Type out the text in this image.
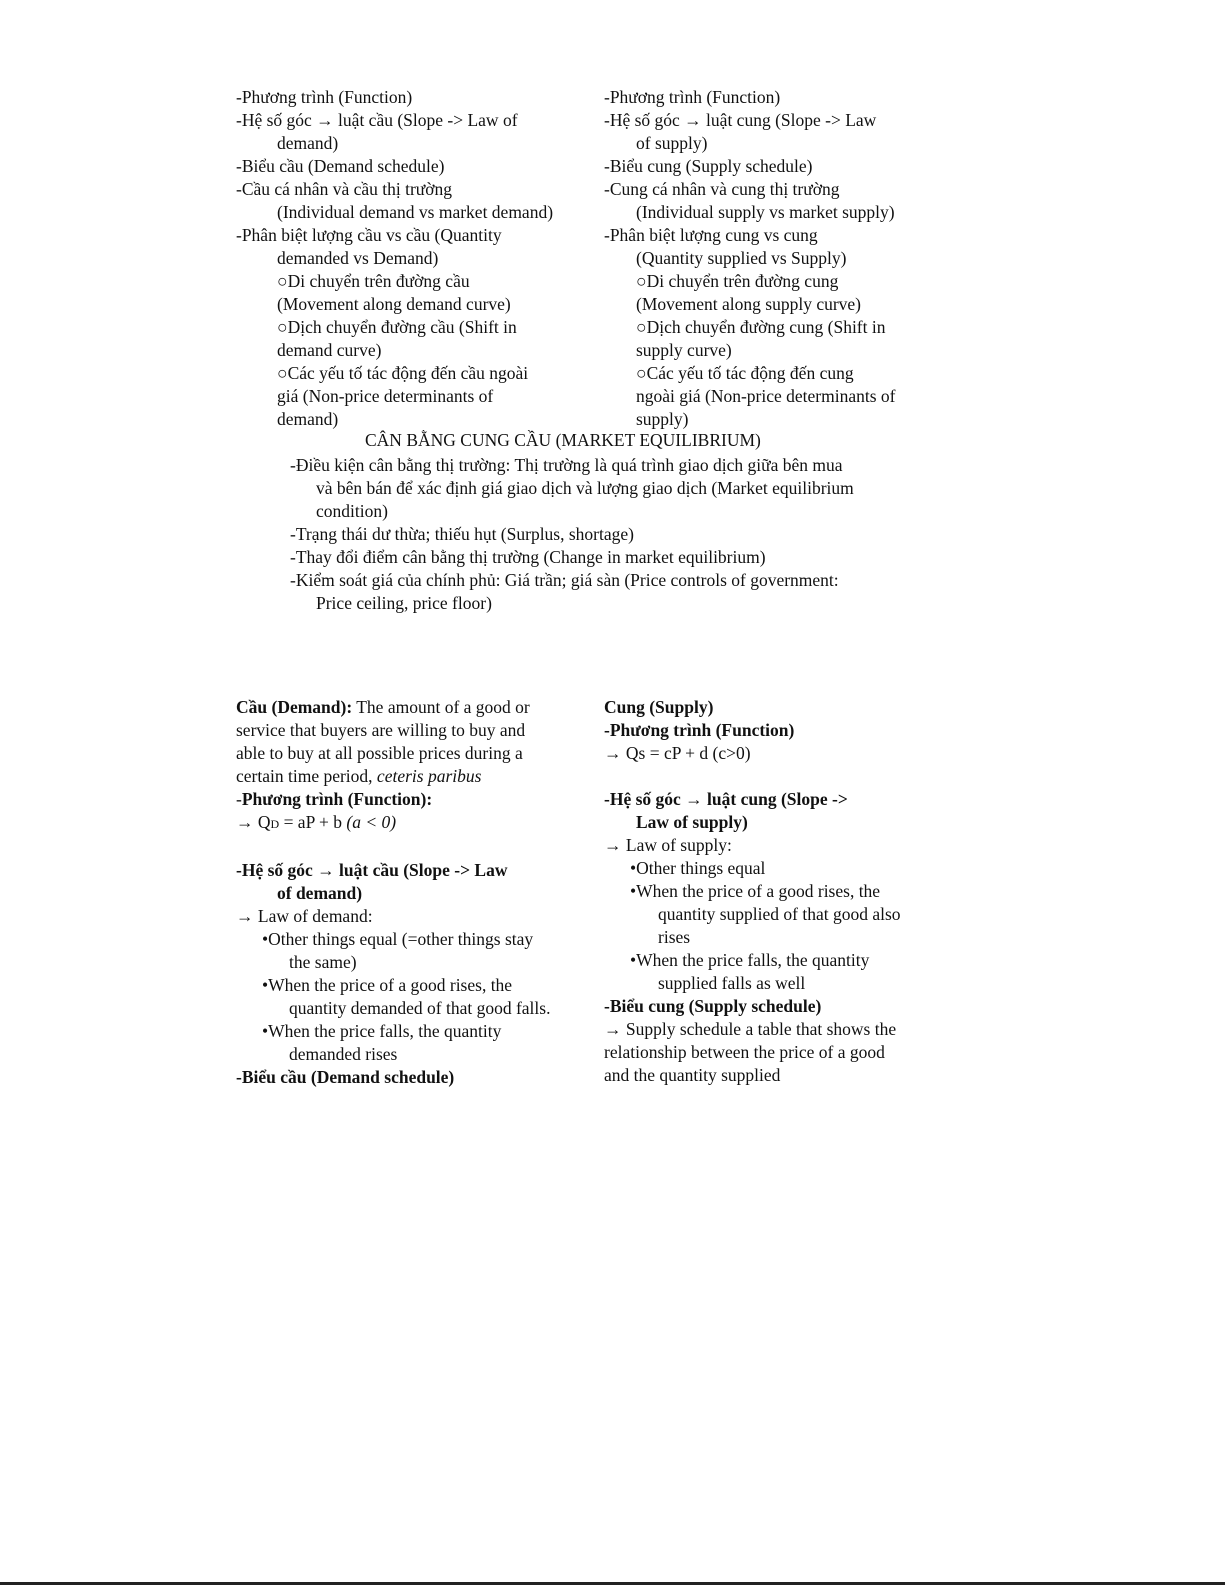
-Phương trình (Function)
-Hệ số góc → luật cầu (Slope -> Law of
demand)
-Biểu cầu (Demand schedule)
-Cầu cá nhân và cầu thị trường
(Individual demand vs market demand)
-Phân biệt lượng cầu vs cầu (Quantity
demanded vs Demand)
○Di chuyển trên đường cầu
(Movement along demand curve)
○Dịch chuyển đường cầu (Shift in
demand curve)
○Các yếu tố tác động đến cầu ngoài
giá (Non-price determinants of
demand)
-Phương trình (Function)
-Hệ số góc → luật cung (Slope -> Law
of supply)
-Biểu cung (Supply schedule)
-Cung cá nhân và cung thị trường
(Individual supply vs market supply)
-Phân biệt lượng cung vs cung
(Quantity supplied vs Supply)
○Di chuyển trên đường cung
(Movement along supply curve)
○Dịch chuyển đường cung (Shift in
supply curve)
○Các yếu tố tác động đến cung
ngoài giá (Non-price determinants of
supply)
CÂN BẰNG CUNG CẦU (MARKET EQUILIBRIUM)
-Điều kiện cân bằng thị trường: Thị trường là quá trình giao dịch giữa bên mua
và bên bán để xác định giá giao dịch và lượng giao dịch (Market equilibrium
condition)
-Trạng thái dư thừa; thiếu hụt (Surplus, shortage)
-Thay đổi điểm cân bằng thị trường (Change in market equilibrium)
-Kiểm soát giá của chính phủ: Giá trần; giá sàn (Price controls of government:
Price ceiling, price floor)
Cầu (Demand): The amount of a good or
service that buyers are willing to buy and
able to buy at all possible prices during a
certain time period, ceteris paribus
-Phương trình (Function):
→ QD = aP + b (a < 0)

-Hệ số góc → luật cầu (Slope -> Law
of demand)
→ Law of demand:
•Other things equal (=other things stay
the same)
•When the price of a good rises, the
quantity demanded of that good falls.
•When the price falls, the quantity
demanded rises
-Biểu cầu (Demand schedule)
Cung (Supply)
-Phương trình (Function)
→ Qs = cP + d (c>0)

-Hệ số góc → luật cung (Slope ->
Law of supply)
→ Law of supply:
•Other things equal
•When the price of a good rises, the
quantity supplied of that good also
rises
•When the price falls, the quantity
supplied falls as well
-Biểu cung (Supply schedule)
→ Supply schedule a table that shows the
relationship between the price of a good
and the quantity supplied
